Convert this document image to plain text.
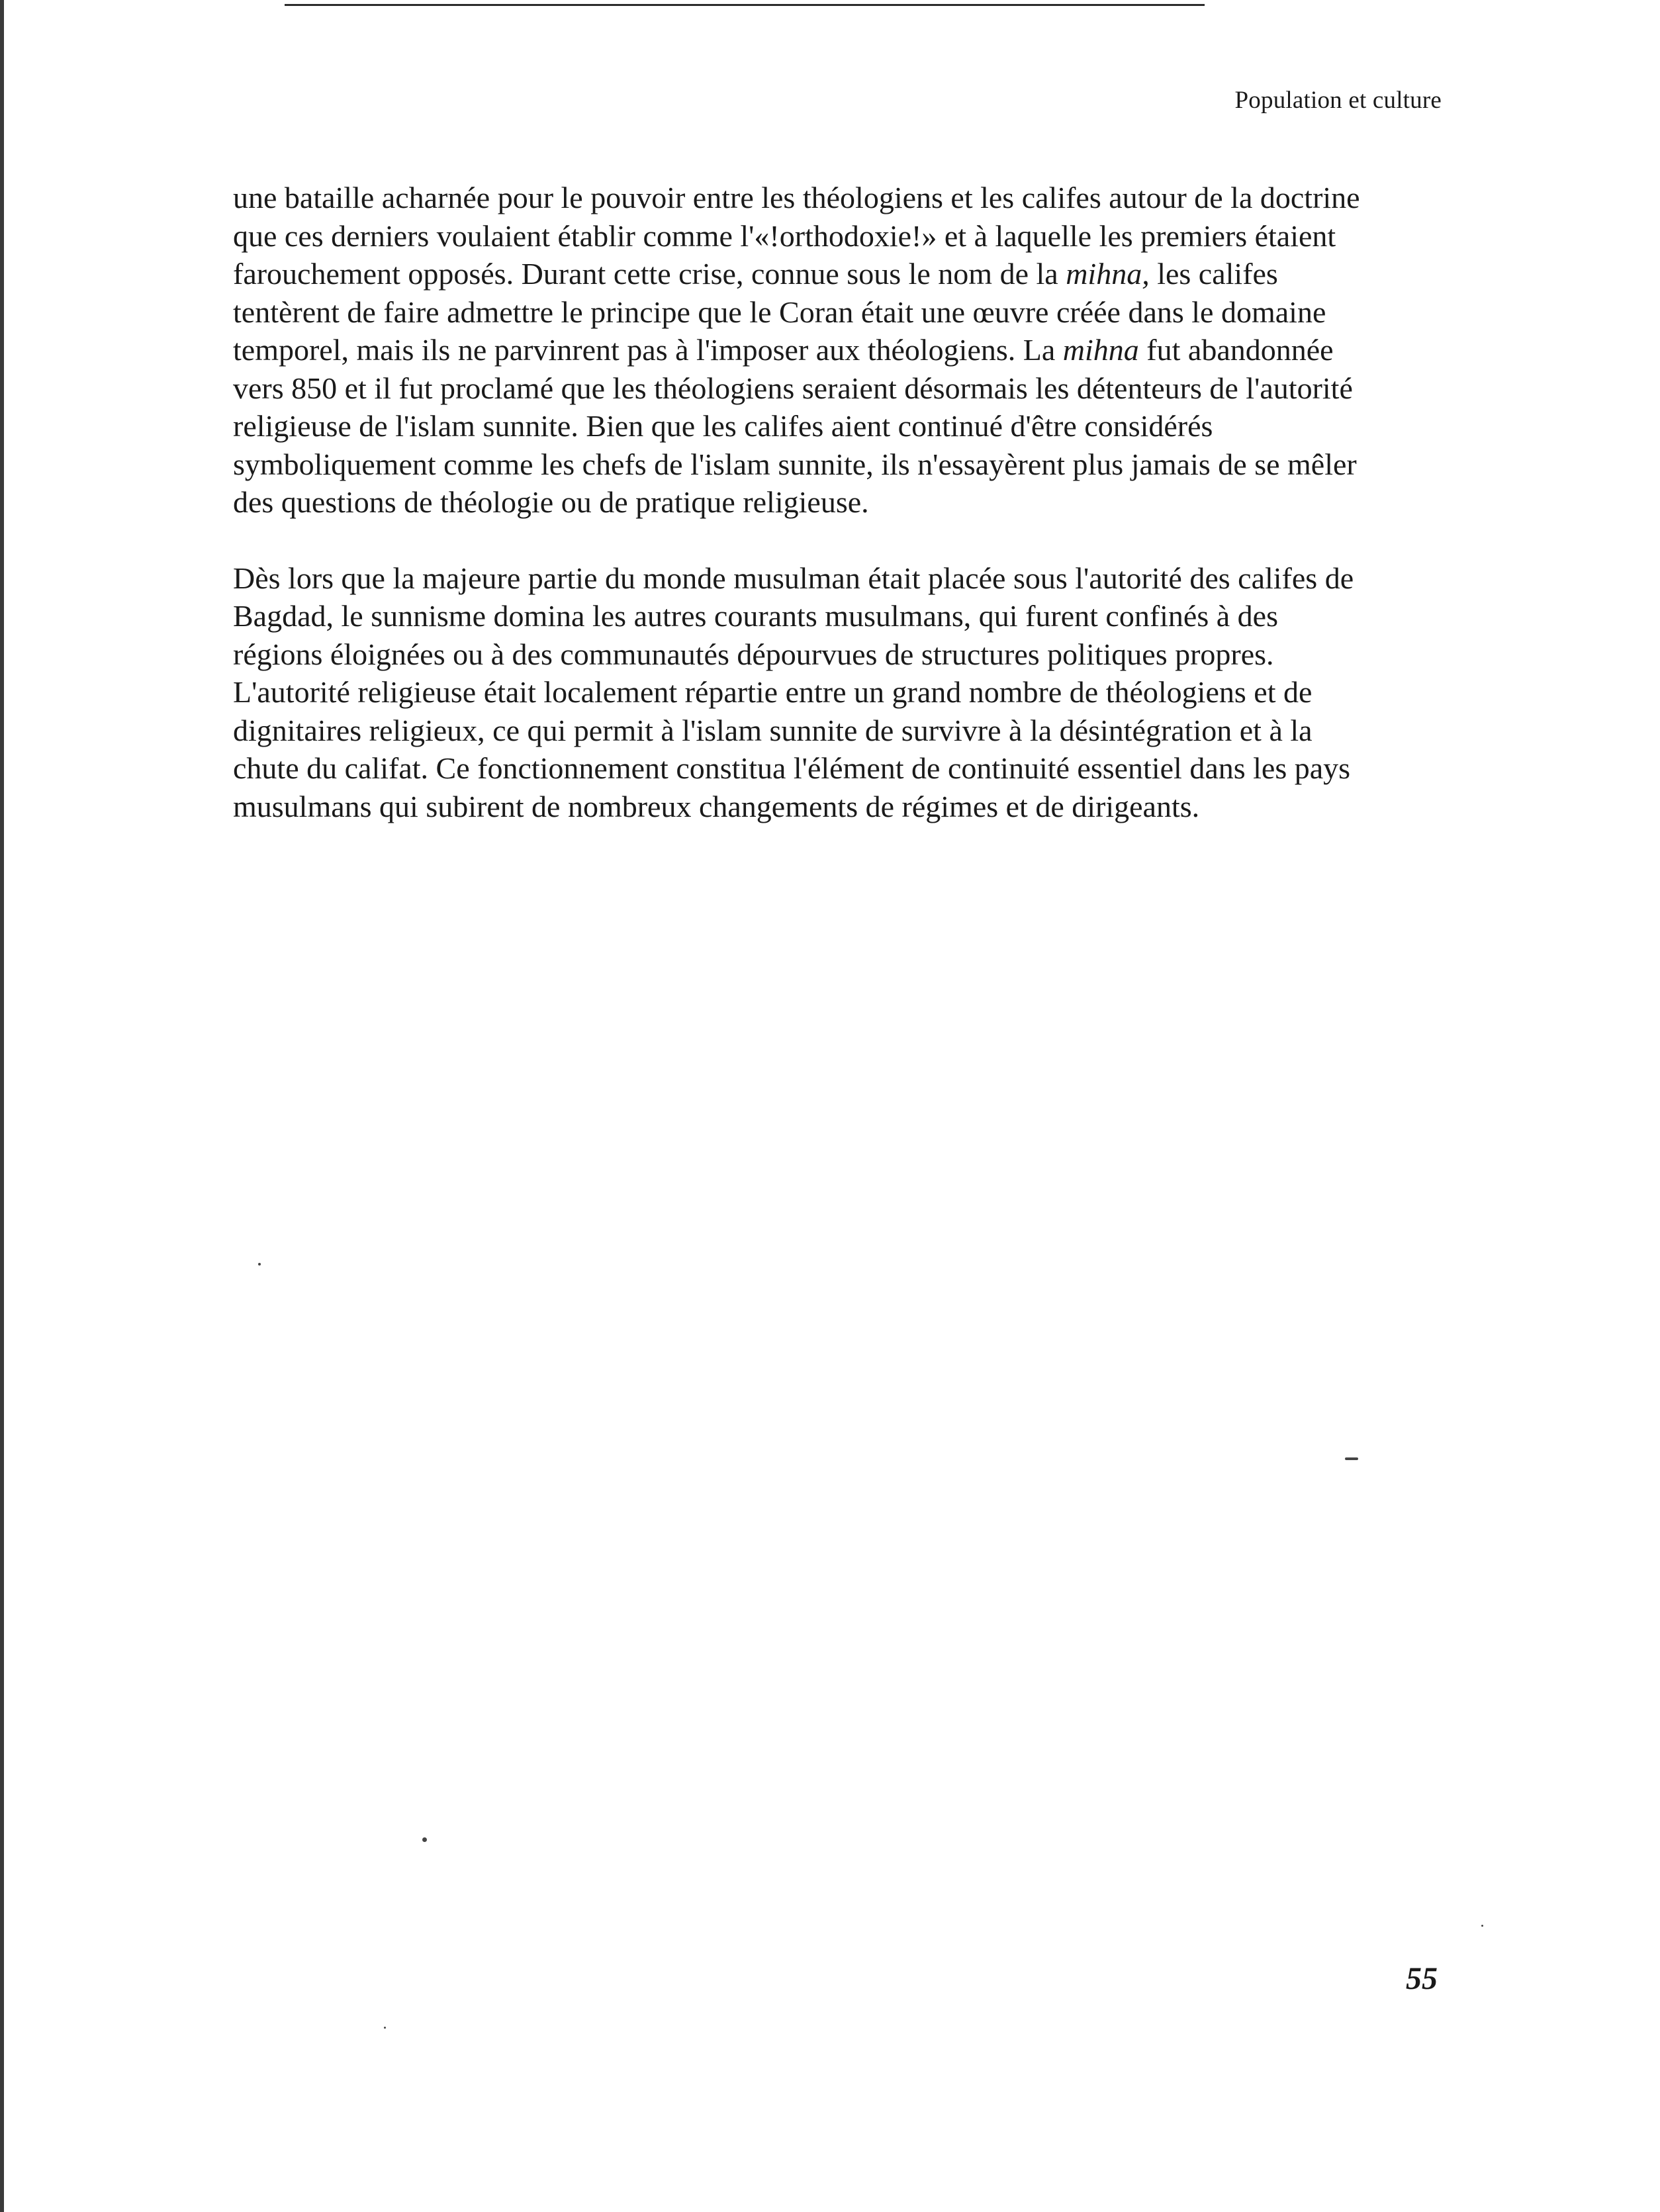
Population et culture

une bataille acharnée pour le pouvoir entre les théologiens et les califes autour de la doctrine
que ces derniers voulaient établir comme l'«!orthodoxie!» et à laquelle les premiers étaient
farouchement opposés. Durant cette crise, connue sous le nom de la mihna, les califes
tentèrent de faire admettre le principe que le Coran était une œuvre créée dans le domaine
temporel, mais ils ne parvinrent pas à l'imposer aux théologiens. La mihna fut abandonnée
vers 850 et il fut proclamé que les théologiens seraient désormais les détenteurs de l'autorité
religieuse de l'islam sunnite. Bien que les califes aient continué d'être considérés
symboliquement comme les chefs de l'islam sunnite, ils n'essayèrent plus jamais de se mêler
des questions de théologie ou de pratique religieuse.

Dès lors que la majeure partie du monde musulman était placée sous l'autorité des califes de
Bagdad, le sunnisme domina les autres courants musulmans, qui furent confinés à des
régions éloignées ou à des communautés dépourvues de structures politiques propres.
L'autorité religieuse était localement répartie entre un grand nombre de théologiens et de
dignitaires religieux, ce qui permit à l'islam sunnite de survivre à la désintégration et à la
chute du califat. Ce fonctionnement constitua l'élément de continuité essentiel dans les pays
musulmans qui subirent de nombreux changements de régimes et de dirigeants.

55
